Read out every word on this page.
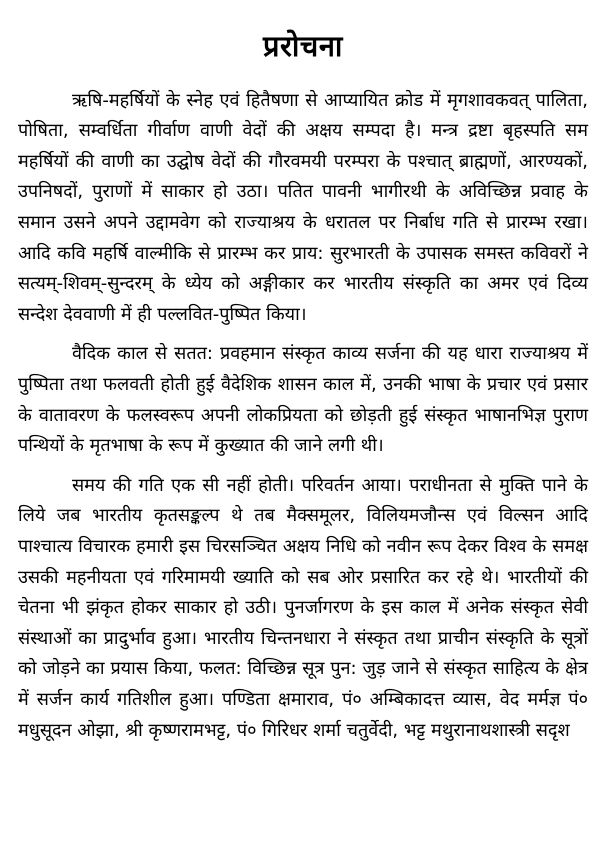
प्ररोचना

ऋषि-महर्षियों के स्नेह एवं हितैषणा से आप्यायित क्रोड में मृगशावकवत् पालिता, पोषिता, सम्वर्धिता गीर्वाण वाणी वेदों की अक्षय सम्पदा है। मन्त्र द्रष्टा बृहस्पति सम महर्षियों की वाणी का उद्घोष वेदों की गौरवमयी परम्परा के पश्चात् ब्राह्मणों, आरण्यकों, उपनिषदों, पुराणों में साकार हो उठा। पतित पावनी भागीरथी के अविच्छिन्न प्रवाह के समान उसने अपने उद्दामवेग को राज्याश्रय के धरातल पर निर्बाध गति से प्रारम्भ रखा। आदि कवि महर्षि वाल्मीकि से प्रारम्भ कर प्राय: सुरभारती के उपासक समस्त कविवरों ने सत्यम्-शिवम्-सुन्दरम् के ध्येय को अङ्गीकार कर भारतीय संस्कृति का अमर एवं दिव्य सन्देश देववाणी में ही पल्लवित-पुष्पित किया।

वैदिक काल से सतत: प्रवहमान संस्कृत काव्य सर्जना की यह धारा राज्याश्रय में पुष्पिता तथा फलवती होती हुई वैदेशिक शासन काल में, उनकी भाषा के प्रचार एवं प्रसार के वातावरण के फलस्वरूप अपनी लोकप्रियता को छोड़ती हुई संस्कृत भाषानभिज्ञ पुराण पन्थियों के मृतभाषा के रूप में कुख्यात की जाने लगी थी।

समय की गति एक सी नहीं होती। परिवर्तन आया। पराधीनता से मुक्ति पाने के लिये जब भारतीय कृतसङ्कल्प थे तब मैक्समूलर, विलियमजौन्स एवं विल्सन आदि पाश्चात्य विचारक हमारी इस चिरसञ्चित अक्षय निधि को नवीन रूप देकर विश्व के समक्ष उसकी महनीयता एवं गरिमामयी ख्याति को सब ओर प्रसारित कर रहे थे। भारतीयों की चेतना भी झंकृत होकर साकार हो उठी। पुनर्जागरण के इस काल में अनेक संस्कृत सेवी संस्थाओं का प्रादुर्भाव हुआ। भारतीय चिन्तनधारा ने संस्कृत तथा प्राचीन संस्कृति के सूत्रों को जोड़ने का प्रयास किया, फलत: विच्छिन्न सूत्र पुन: जुड़ जाने से संस्कृत साहित्य के क्षेत्र में सर्जन कार्य गतिशील हुआ। पण्डिता क्षमाराव, पं० अम्बिकादत्त व्यास, वेद मर्मज्ञ पं० मधुसूदन ओझा, श्री कृष्णरामभट्ट, पं० गिरिधर शर्मा चतुर्वेदी, भट्ट मथुरानाथशास्त्री सदृश
